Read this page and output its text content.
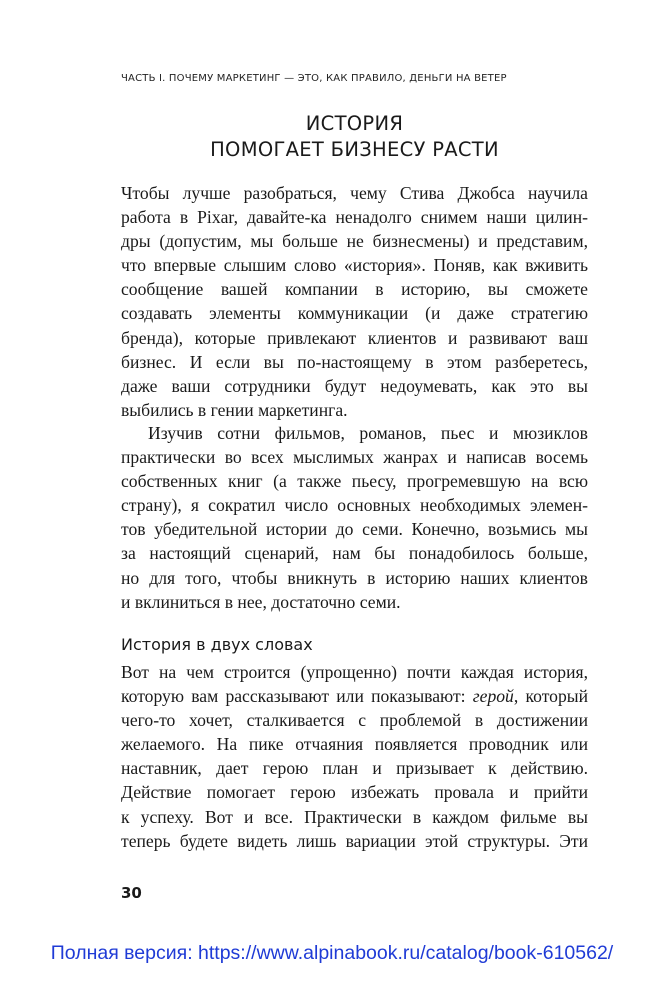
ЧАСТЬ I. ПОЧЕМУ МАРКЕТИНГ — ЭТО, КАК ПРАВИЛО, ДЕНЬГИ НА ВЕТЕР
ИСТОРИЯ
ПОМОГАЕТ БИЗНЕСУ РАСТИ
Чтобы лучше разобраться, чему Стива Джобса научила
работа в Pixar, давайте-ка ненадолго снимем наши цилин-
дры (допустим, мы больше не бизнесмены) и представим,
что впервые слышим слово «история». Поняв, как вживить
сообщение вашей компании в историю, вы сможете
создавать элементы коммуникации (и даже стратегию
бренда), которые привлекают клиентов и развивают ваш
бизнес. И если вы по-настоящему в этом разберетесь,
даже ваши сотрудники будут недоумевать, как это вы
выбились в гении маркетинга.
Изучив сотни фильмов, романов, пьес и мюзиклов
практически во всех мыслимых жанрах и написав восемь
собственных книг (а также пьесу, прогремевшую на всю
страну), я сократил число основных необходимых элемен-
тов убедительной истории до семи. Конечно, возьмись мы
за настоящий сценарий, нам бы понадобилось больше,
но для того, чтобы вникнуть в историю наших клиентов
и вклиниться в нее, достаточно семи.
История в двух словах
Вот на чем строится (упрощенно) почти каждая история,
которую вам рассказывают или показывают: герой, который
чего-то хочет, сталкивается с проблемой в достижении
желаемого. На пике отчаяния появляется проводник или
наставник, дает герою план и призывает к действию.
Действие помогает герою избежать провала и прийти
к успеху. Вот и все. Практически в каждом фильме вы
теперь будете видеть лишь вариации этой структуры. Эти
30
Полная версия: https://www.alpinabook.ru/catalog/book-610562/
